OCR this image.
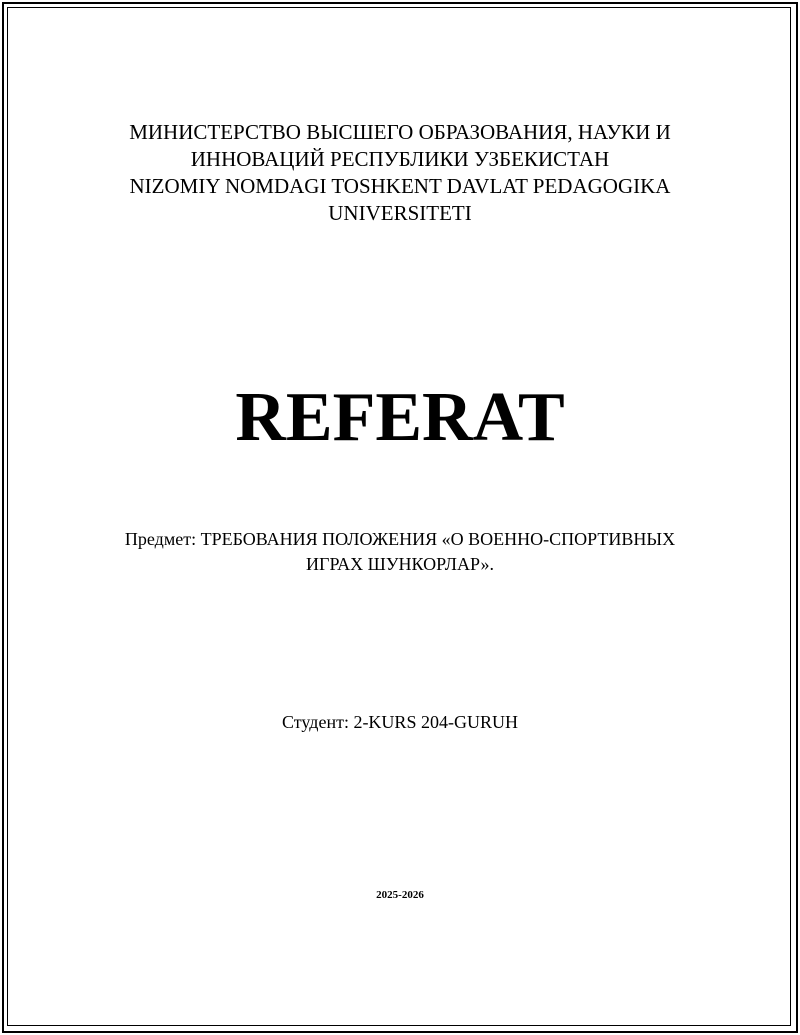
МИНИСТЕРСТВО ВЫСШЕГО ОБРАЗОВАНИЯ, НАУКИ И
ИННОВАЦИЙ РЕСПУБЛИКИ УЗБЕКИСТАН
NIZOMIY NOMDAGI TOSHKENT DAVLAT PEDAGOGIKA
UNIVERSITETI
REFERAT
Предмет: ТРЕБОВАНИЯ ПОЛОЖЕНИЯ «О ВОЕННО-СПОРТИВНЫХ
ИГРАХ ШУНКОРЛАР».
Студент: 2-KURS 204-GURUH
2025-2026
